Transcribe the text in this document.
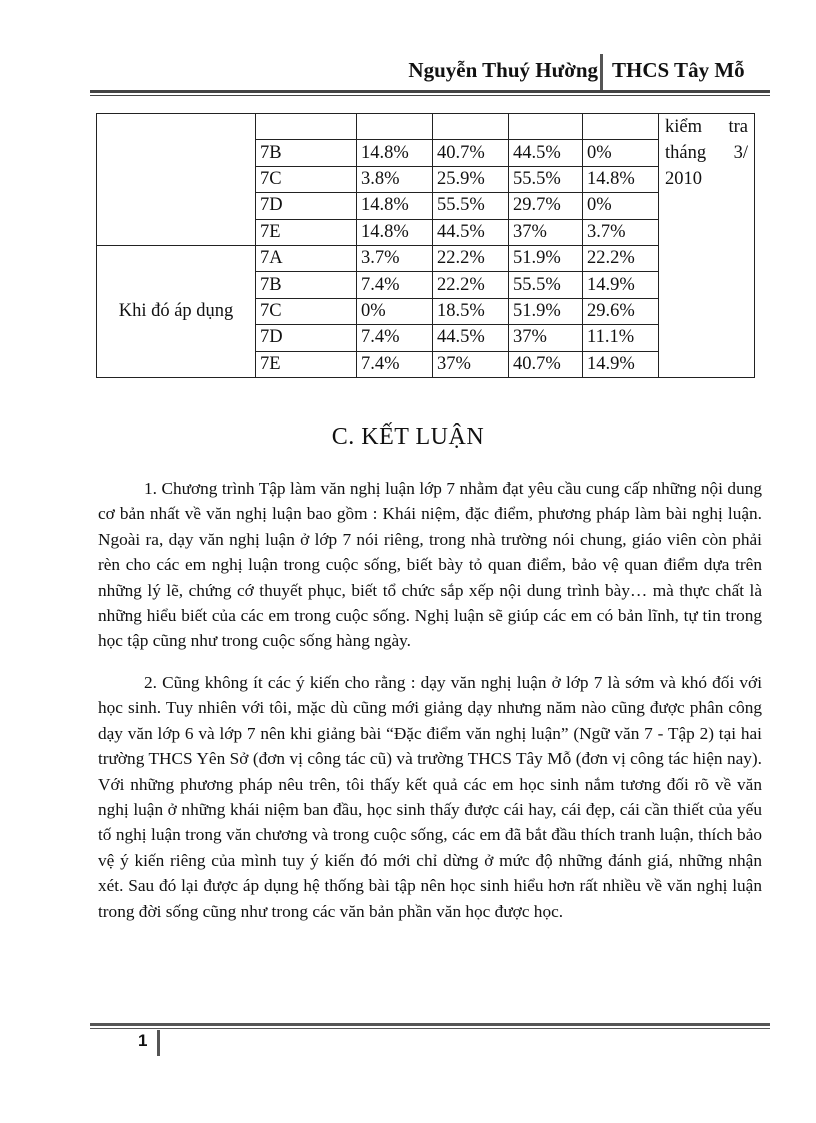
Nguyễn Thuý Hường THCS Tây Mỗ

						kiểm tra
tháng 3/
2010

	7B	14.8%	40.7%	44.5%	0%	
	7C	3.8%	25.9%	55.5%	14.8%	
	7D	14.8%	55.5%	29.7%	0%	
	7E	14.8%	44.5%	37%	3.7%	
Khi đó áp dụng	7A	3.7%	22.2%	51.9%	22.2%	
	7B	7.4%	22.2%	55.5%	14.9%	
	7C	0%	18.5%	51.9%	29.6%	
	7D	7.4%	44.5%	37%	11.1%	
	7E	7.4%	37%	40.7%	14.9%	
C. KẾT LUẬN

1. Chương trình Tập làm văn nghị luận lớp 7 nhằm đạt yêu cầu cung cấp những nội dung cơ bản nhất về văn nghị luận bao gồm : Khái niệm, đặc điểm, phương pháp làm bài nghị luận. Ngoài ra, dạy văn nghị luận ở lớp 7 nói riêng, trong nhà trường nói chung, giáo viên còn phải rèn cho các em nghị luận trong cuộc sống, biết bày tỏ quan điểm, bảo vệ quan điểm dựa trên những lý lẽ, chứng cớ thuyết phục, biết tổ chức sắp xếp nội dung trình bày… mà thực chất là những hiểu biết của các em trong cuộc sống. Nghị luận sẽ giúp các em có bản lĩnh, tự tin trong học tập cũng như trong cuộc sống hàng ngày.

2. Cũng không ít các ý kiến cho rằng : dạy văn nghị luận ở lớp 7 là sớm và khó đối với học sinh. Tuy nhiên với tôi, mặc dù cũng mới giảng dạy nhưng năm nào cũng được phân công dạy văn lớp 6 và lớp 7 nên khi giảng bài “Đặc điểm văn nghị luận” (Ngữ văn 7 - Tập 2) tại hai trường THCS Yên Sở (đơn vị công tác cũ) và trường THCS Tây Mỗ (đơn vị công tác hiện nay). Với những phương pháp nêu trên, tôi thấy kết quả các em học sinh nắm tương đối rõ về văn nghị luận ở những khái niệm ban đầu, học sinh thấy được cái hay, cái đẹp, cái cần thiết của yếu tố nghị luận trong văn chương và trong cuộc sống, các em đã bắt đầu thích tranh luận, thích bảo vệ ý kiến riêng của mình tuy ý kiến đó mới chỉ dừng ở mức độ những đánh giá, những nhận xét. Sau đó lại được áp dụng hệ thống bài tập nên học sinh hiểu hơn rất nhiều về văn nghị luận trong đời sống cũng như trong các văn bản phần văn học được học.

1
